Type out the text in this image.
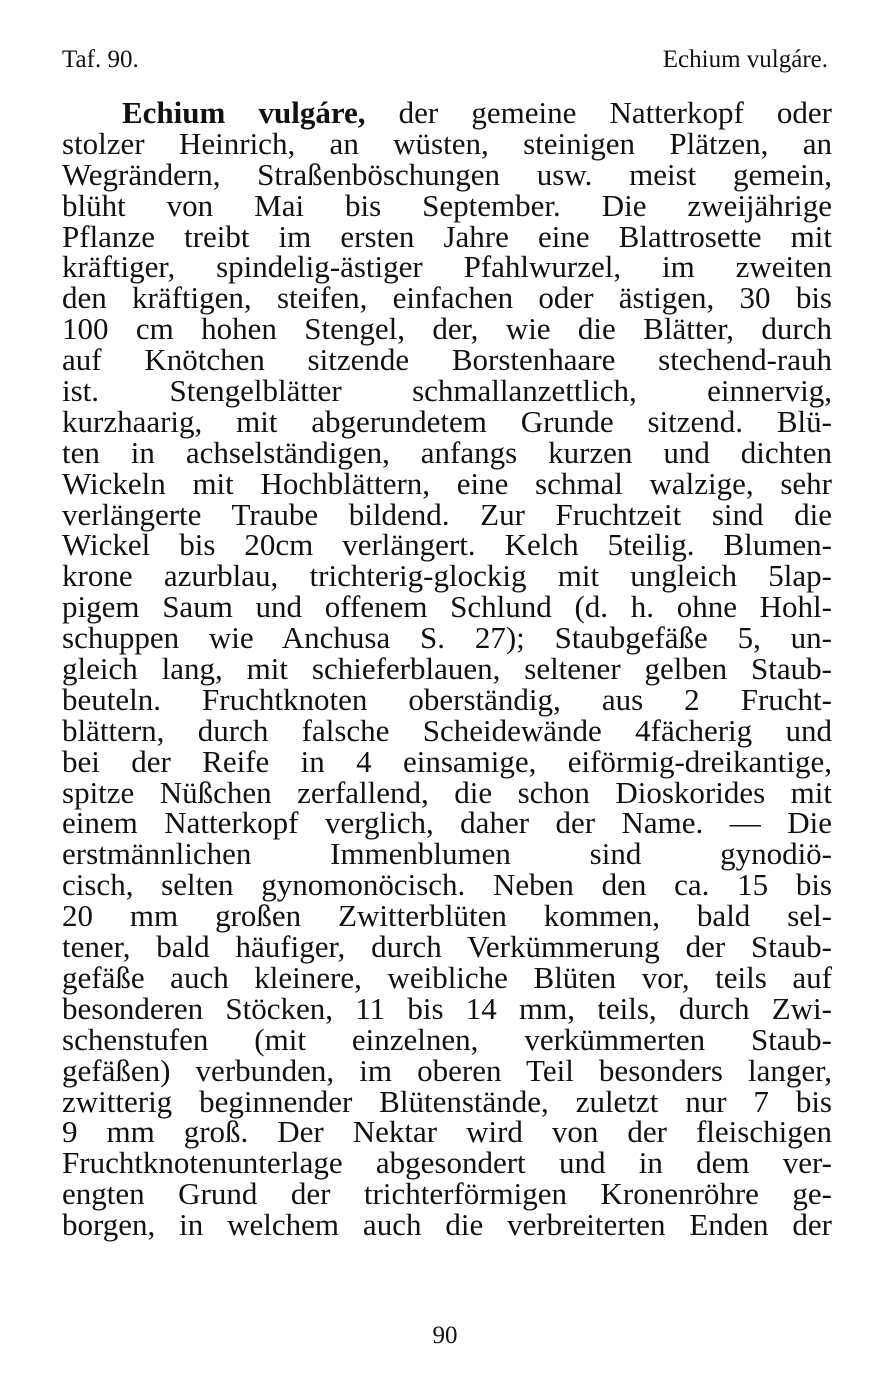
Taf. 90.	Echium vulgáre.
Echium vulgáre, der gemeine Natterkopf oder
stolzer Heinrich, an wüsten, steinigen Plätzen, an
Wegrändern, Straßenböschungen usw. meist gemein,
blüht von Mai bis September. Die zweijährige
Pflanze treibt im ersten Jahre eine Blattrosette mit
kräftiger, spindelig-ästiger Pfahlwurzel, im zweiten
den kräftigen, steifen, einfachen oder ästigen, 30 bis
100 cm hohen Stengel, der, wie die Blätter, durch
auf Knötchen sitzende Borstenhaare stechend-rauh
ist. Stengelblätter schmallanzettlich, einnervig,
kurzhaarig, mit abgerundetem Grunde sitzend. Blü-
ten in achselständigen, anfangs kurzen und dichten
Wickeln mit Hochblättern, eine schmal walzige, sehr
verlängerte Traube bildend. Zur Fruchtzeit sind die
Wickel bis 20cm verlängert. Kelch 5teilig. Blumen-
krone azurblau, trichterig-glockig mit ungleich 5lap-
pigem Saum und offenem Schlund (d. h. ohne Hohl-
schuppen wie Anchusa S. 27); Staubgefäße 5, un-
gleich lang, mit schieferblauen, seltener gelben Staub-
beuteln. Fruchtknoten oberständig, aus 2 Frucht-
blättern, durch falsche Scheidewände 4fächerig und
bei der Reife in 4 einsamige, eiförmig-dreikantige,
spitze Nüßchen zerfallend, die schon Dioskorides mit
einem Natterkopf verglich, daher der Name. — Die
erstmännlichen Immenblumen sind gynodiö-
cisch, selten gynomonöcisch. Neben den ca. 15 bis
20 mm großen Zwitterblüten kommen, bald sel-
tener, bald häufiger, durch Verkümmerung der Staub-
gefäße auch kleinere, weibliche Blüten vor, teils auf
besonderen Stöcken, 11 bis 14 mm, teils, durch Zwi-
schenstufen (mit einzelnen, verkümmerten Staub-
gefäßen) verbunden, im oberen Teil besonders langer,
zwitterig beginnender Blütenstände, zuletzt nur 7 bis
9 mm groß. Der Nektar wird von der fleischigen
Fruchtknotenunterlage abgesondert und in dem ver-
engten Grund der trichterförmigen Kronenröhre ge-
borgen, in welchem auch die verbreiterten Enden der
90
